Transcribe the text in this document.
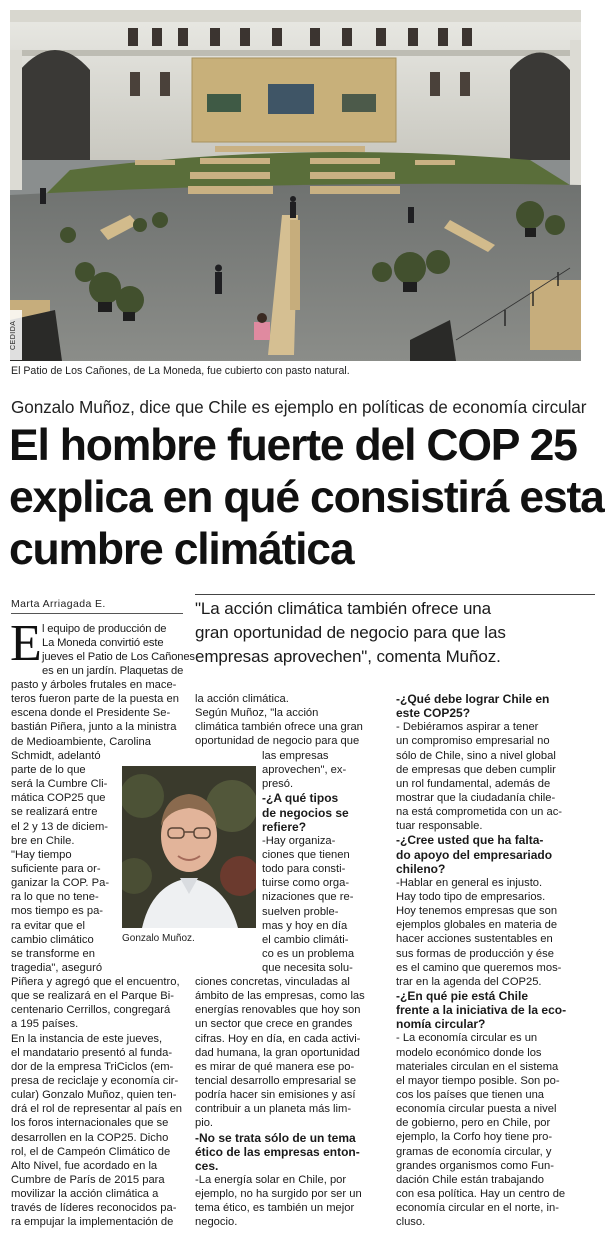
CEDIDA
El Patio de Los Cañones, de La Moneda, fue cubierto con pasto natural.
Gonzalo Muñoz, dice que Chile es ejemplo en políticas de economía circular
El hombre fuerte del COP 25
explica en qué consistirá esta
cumbre climática
Marta Arriagada E.	"La acción climática también ofrece una
gran oportunidad de negocio para que las
empresas aprovechen", comenta Muñoz.
E l equipo de producción de
La Moneda convirtió este
jueves el Patio de Los Cañones
es en un jardín. Plaquetas de
pasto y árboles frutales en mace-
teros fueron parte de la puesta en
escena donde el Presidente Se-
bastián Piñera, junto a la ministra
de Medioambiente, Carolina
Schmidt, adelantó
parte de lo que
será la Cumbre Cli-
mática COP25 que
se realizará entre
el 2 y 13 de diciem-
bre en Chile.
"Hay tiempo
suficiente para or-
ganizar la COP. Pa-
ra lo que no tene-
mos tiempo es pa-
ra evitar que el
cambio climático
se transforme en
tragedia", aseguró
Piñera y agregó que el encuentro,
que se realizará en el Parque Bi-
centenario Cerrillos, congregará
a 195 países.
En la instancia de este jueves,
el mandatario presentó al funda-
dor de la empresa TriCiclos (em-
presa de reciclaje y economía cir-
cular) Gonzalo Muñoz, quien ten-
drá el rol de representar al país en
los foros internacionales que se
desarrollen en la COP25. Dicho
rol, el de Campeón Climático de
Alto Nivel, fue acordado en la
Cumbre de París de 2015 para
movilizar la acción climática a
través de líderes reconocidos pa-
ra empujar la implementación de
Gonzalo Muñoz.
la acción climática.
Según Muñoz, "la acción
climática también ofrece una gran
oportunidad de negocio para que
las empresas
aprovechen", ex-
presó.
-¿A qué tipos
de negocios se
refiere?
-Hay organiza-
ciones que tienen
todo para consti-
tuirse como orga-
nizaciones que re-
suelven proble-
mas y hoy en día
el cambio climáti-
co es un problema
que necesita solu-
ciones concretas, vinculadas al
ámbito de las empresas, como las
energías renovables que hoy son
un sector que crece en grandes
cifras. Hoy en día, en cada activi-
dad humana, la gran oportunidad
es mirar de qué manera ese po-
tencial desarrollo empresarial se
podría hacer sin emisiones y así
contribuir a un planeta más lim-
pio.
-No se trata sólo de un tema
ético de las empresas enton-
ces.
-La energía solar en Chile, por
ejemplo, no ha surgido por ser un
tema ético, es también un mejor
negocio.
-¿Qué debe lograr Chile en
este COP25?
- Debiéramos aspirar a tener
un compromiso empresarial no
sólo de Chile, sino a nivel global
de empresas que deben cumplir
un rol fundamental, además de
mostrar que la ciudadanía chile-
na está comprometida con un ac-
tuar responsable.
-¿Cree usted que ha falta-
do apoyo del empresariado
chileno?
-Hablar en general es injusto.
Hay todo tipo de empresarios.
Hoy tenemos empresas que son
ejemplos globales en materia de
hacer acciones sustentables en
sus formas de producción y ése
es el camino que queremos mos-
trar en la agenda del COP25.
-¿En qué pie está Chile
frente a la iniciativa de la eco-
nomía circular?
- La economía circular es un
modelo económico donde los
materiales circulan en el sistema
el mayor tiempo posible. Son po-
cos los países que tienen una
economía circular puesta a nivel
de gobierno, pero en Chile, por
ejemplo, la Corfo hoy tiene pro-
gramas de economía circular, y
grandes organismos como Fun-
dación Chile están trabajando
con esa política. Hay un centro de
economía circular en el norte, in-
cluso.
